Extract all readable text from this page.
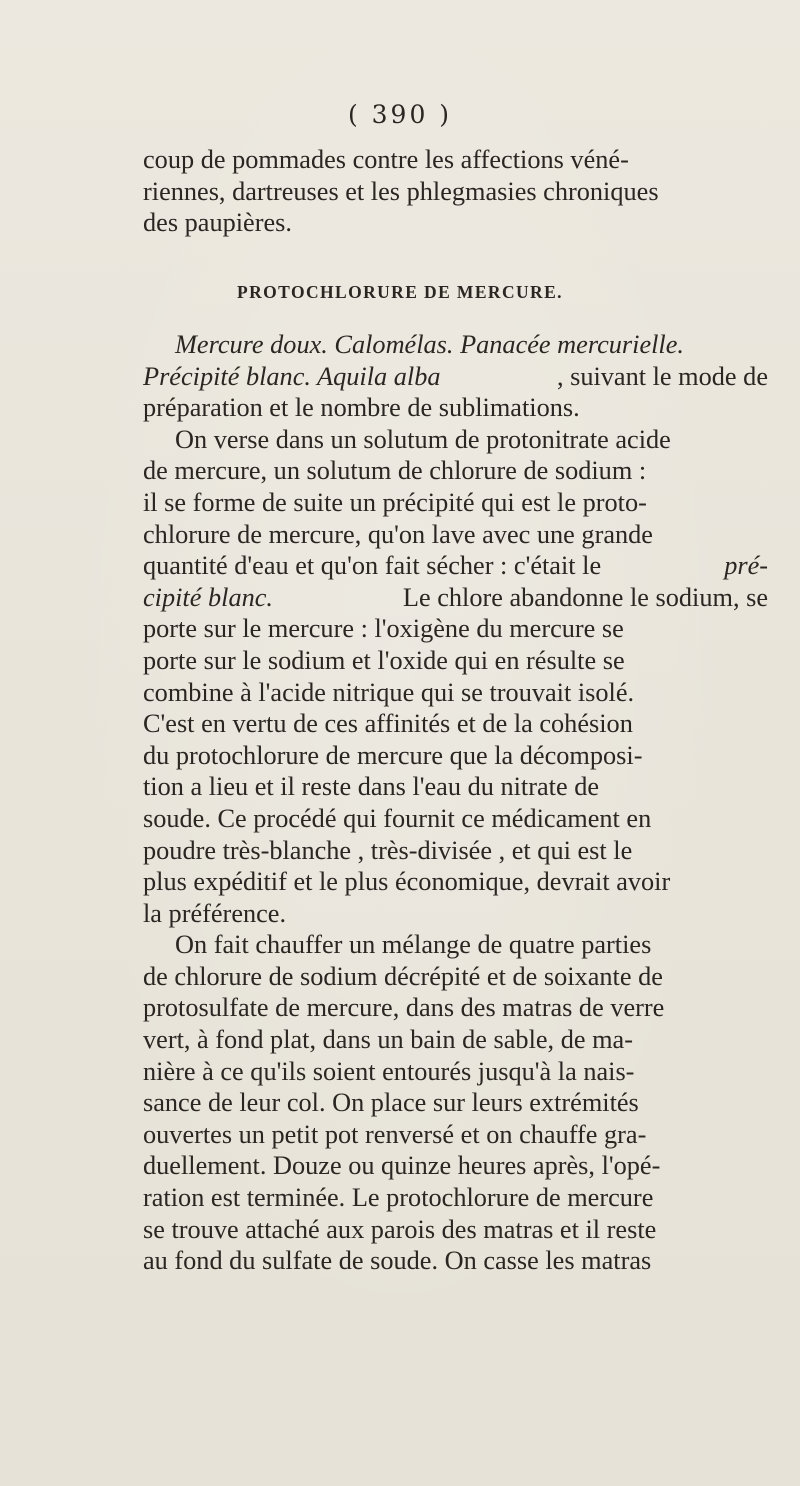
( 390 )
coup de pommades contre les affections véné-
riennes, dartreuses et les phlegmasies chroniques
des paupières.
PROTOCHLORURE DE MERCURE.
Mercure doux. Calomélas. Panacée mercurielle.
Précipité blanc. Aquila alba	, suivant le mode de
préparation et le nombre de sublimations.
On verse dans un solutum de protonitrate acide
de mercure, un solutum de chlorure de sodium :
il se forme de suite un précipité qui est le proto-
chlorure de mercure, qu'on lave avec une grande
quantité d'eau et qu'on fait sécher : c'était le	pré-
cipité blanc.	Le chlore abandonne le sodium, se
porte sur le mercure : l'oxigène du mercure se
porte sur le sodium et l'oxide qui en résulte se
combine à l'acide nitrique qui se trouvait isolé.
C'est en vertu de ces affinités et de la cohésion
du protochlorure de mercure que la décomposi-
tion a lieu et il reste dans l'eau du nitrate de
soude. Ce procédé qui fournit ce médicament en
poudre très-blanche , très-divisée , et qui est le
plus expéditif et le plus économique, devrait avoir
la préférence.
On fait chauffer un mélange de quatre parties
de chlorure de sodium décrépité et de soixante de
protosulfate de mercure, dans des matras de verre
vert, à fond plat, dans un bain de sable, de ma-
nière à ce qu'ils soient entourés jusqu'à la nais-
sance de leur col. On place sur leurs extrémités
ouvertes un petit pot renversé et on chauffe gra-
duellement. Douze ou quinze heures après, l'opé-
ration est terminée. Le protochlorure de mercure
se trouve attaché aux parois des matras et il reste
au fond du sulfate de soude. On casse les matras
